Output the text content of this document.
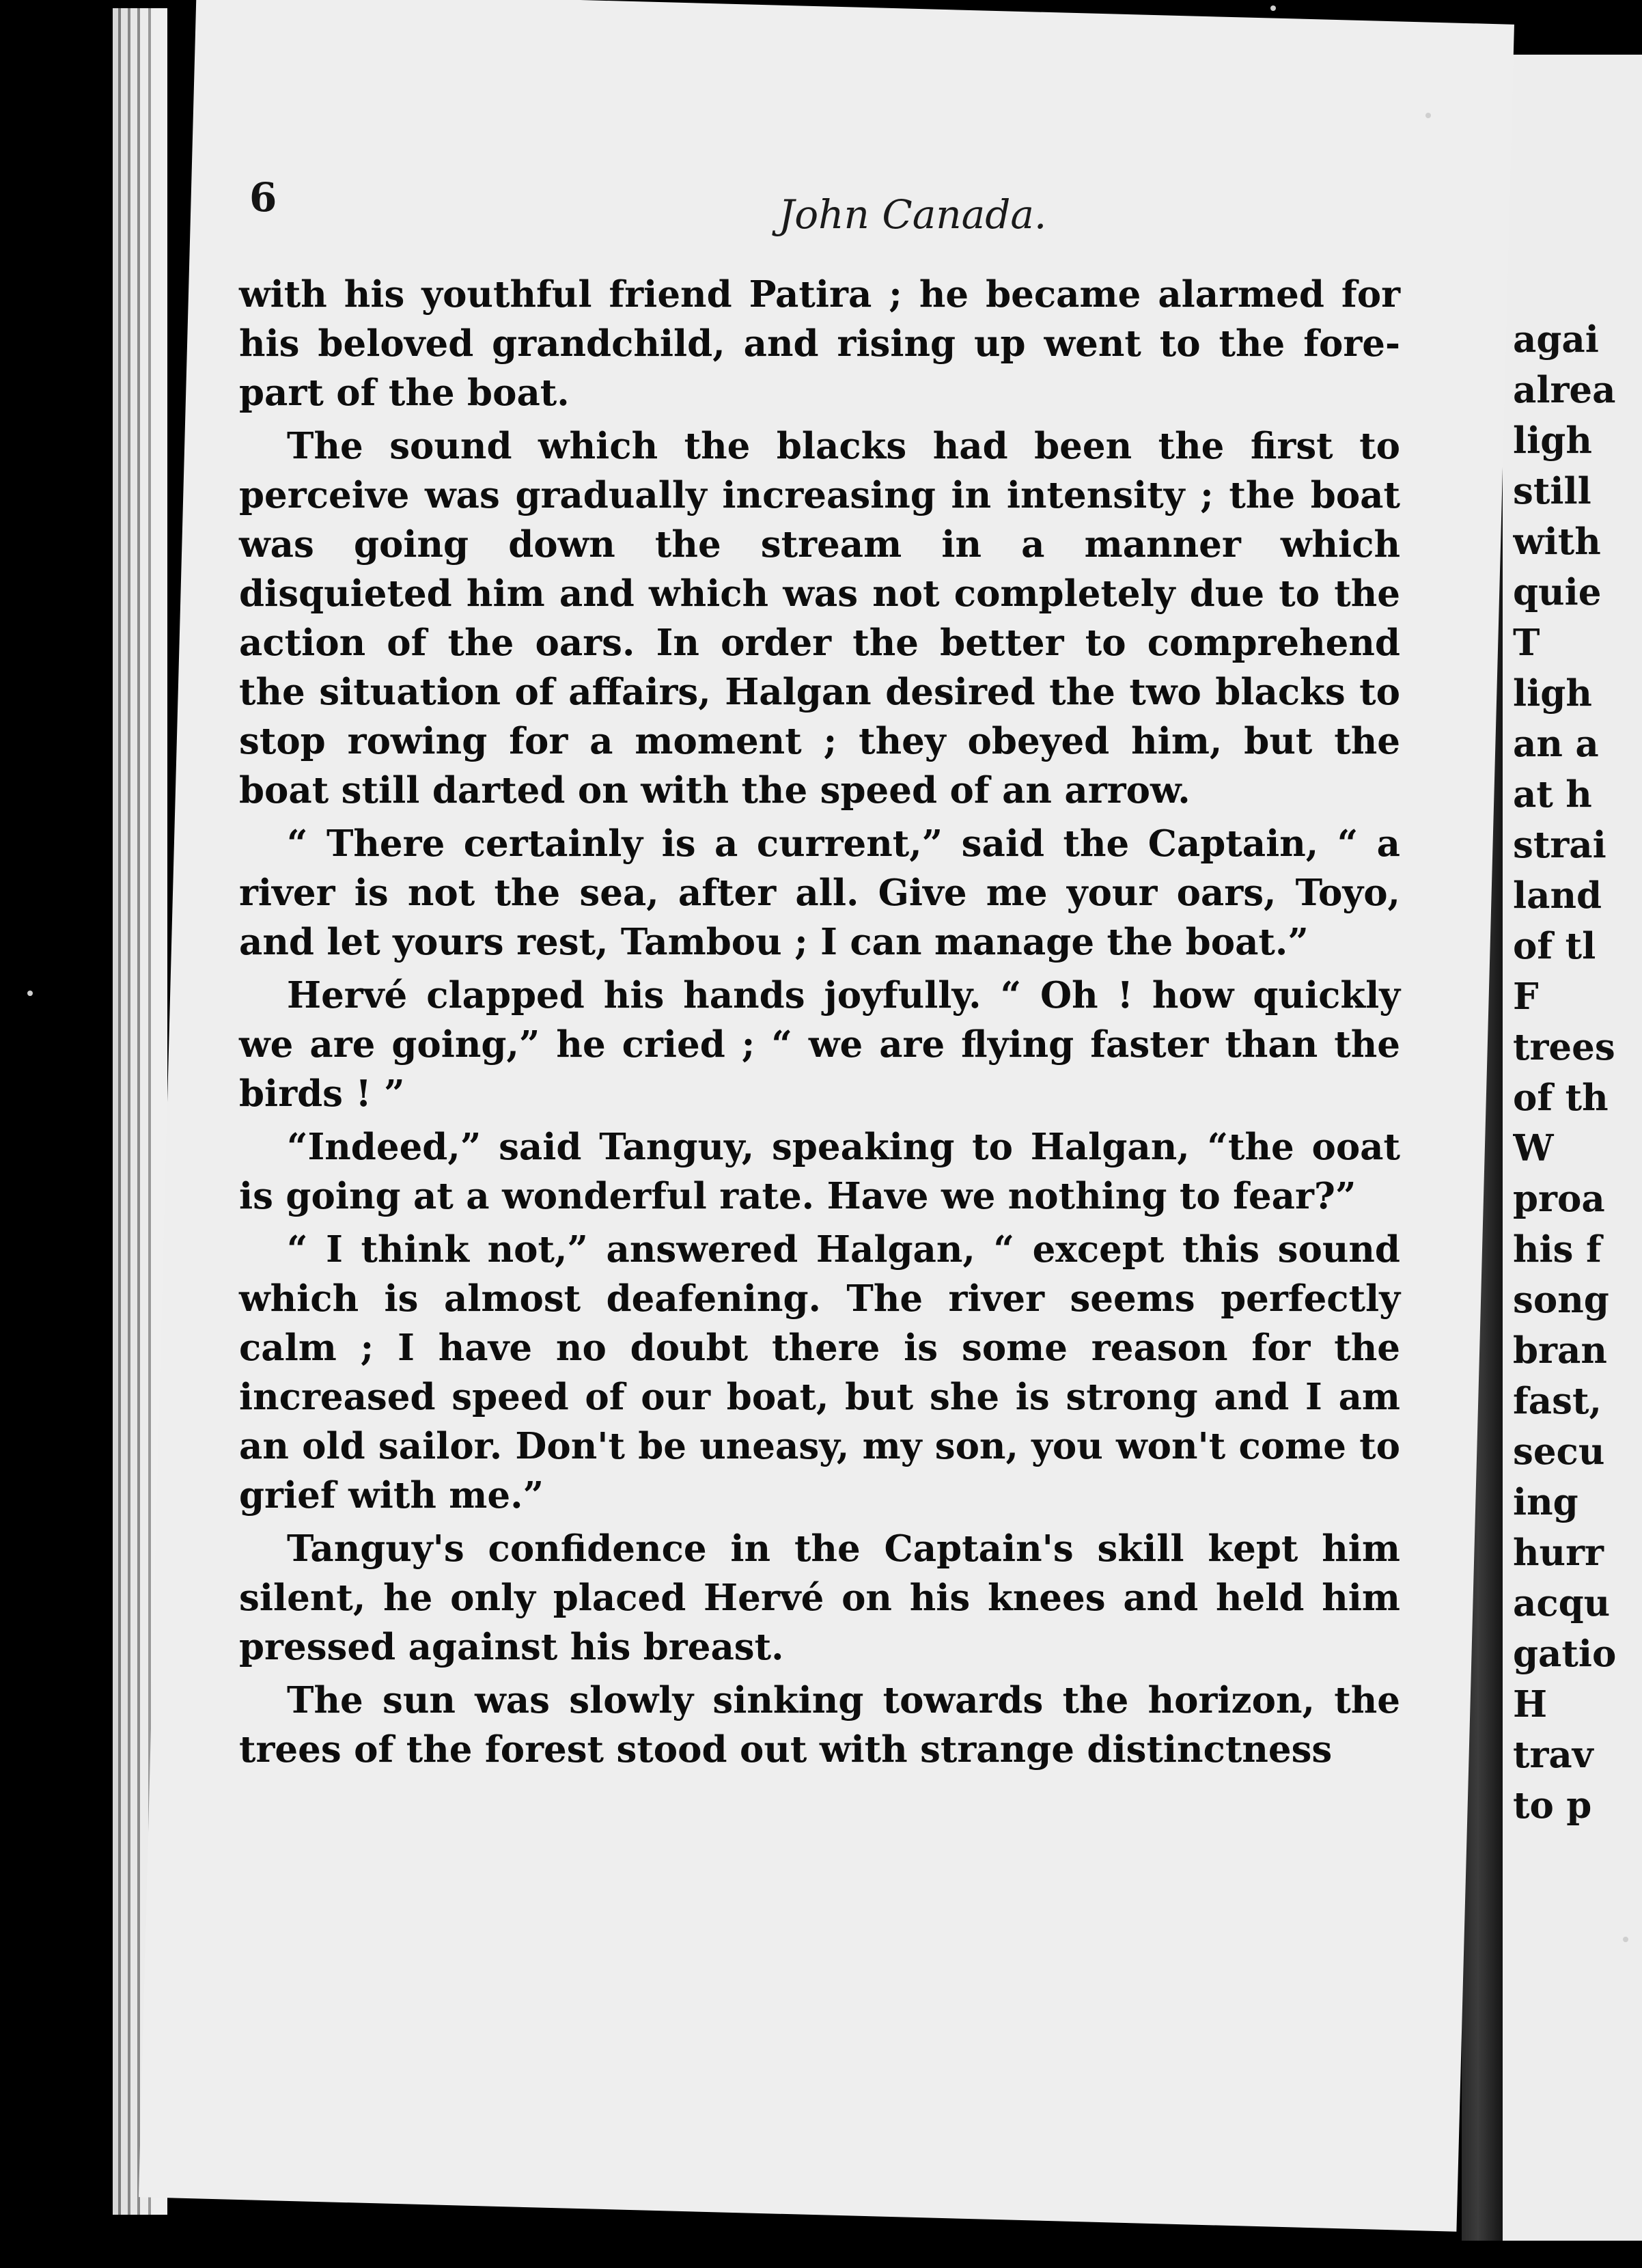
6	John Canada.

with his youthful friend Patira ; he became alarmed for his beloved grandchild, and rising up went to the fore-part of the boat.

The sound which the blacks had been the first to perceive was gradually increasing in intensity ; the boat was going down the stream in a manner which disquieted him and which was not completely due to the action of the oars. In order the better to comprehend the situation of affairs, Halgan desired the two blacks to stop rowing for a moment ; they obeyed him, but the boat still darted on with the speed of an arrow.

“ There certainly is a current,” said the Captain, “ a river is not the sea, after all. Give me your oars, Toyo, and let yours rest, Tambou ; I can manage the boat.”

Hervé clapped his hands joyfully. “ Oh ! how quickly we are going,” he cried ; “ we are flying faster than the birds ! ”

“Indeed,” said Tanguy, speaking to Halgan, “the ooat is going at a wonderful rate. Have we nothing to fear?”

“ I think not,” answered Halgan, “ except this sound which is almost deafening. The river seems perfectly calm ; I have no doubt there is some reason for the increased speed of our boat, but she is strong and I am an old sailor. Don't be uneasy, my son, you won't come to grief with me.”

Tanguy's confidence in the Captain's skill kept him silent, he only placed Hervé on his knees and held him pressed against his breast.

The sun was slowly sinking towards the horizon, the trees of the forest stood out with strange distinctness

agai
alrea
ligh
still
with
quie
T
ligh
an a
at h
strai
land
of tl
F
trees
of th
W
proa
his f
song
bran
fast,
secu
ing
hurr
acqu
gatio
H
trav
to p
